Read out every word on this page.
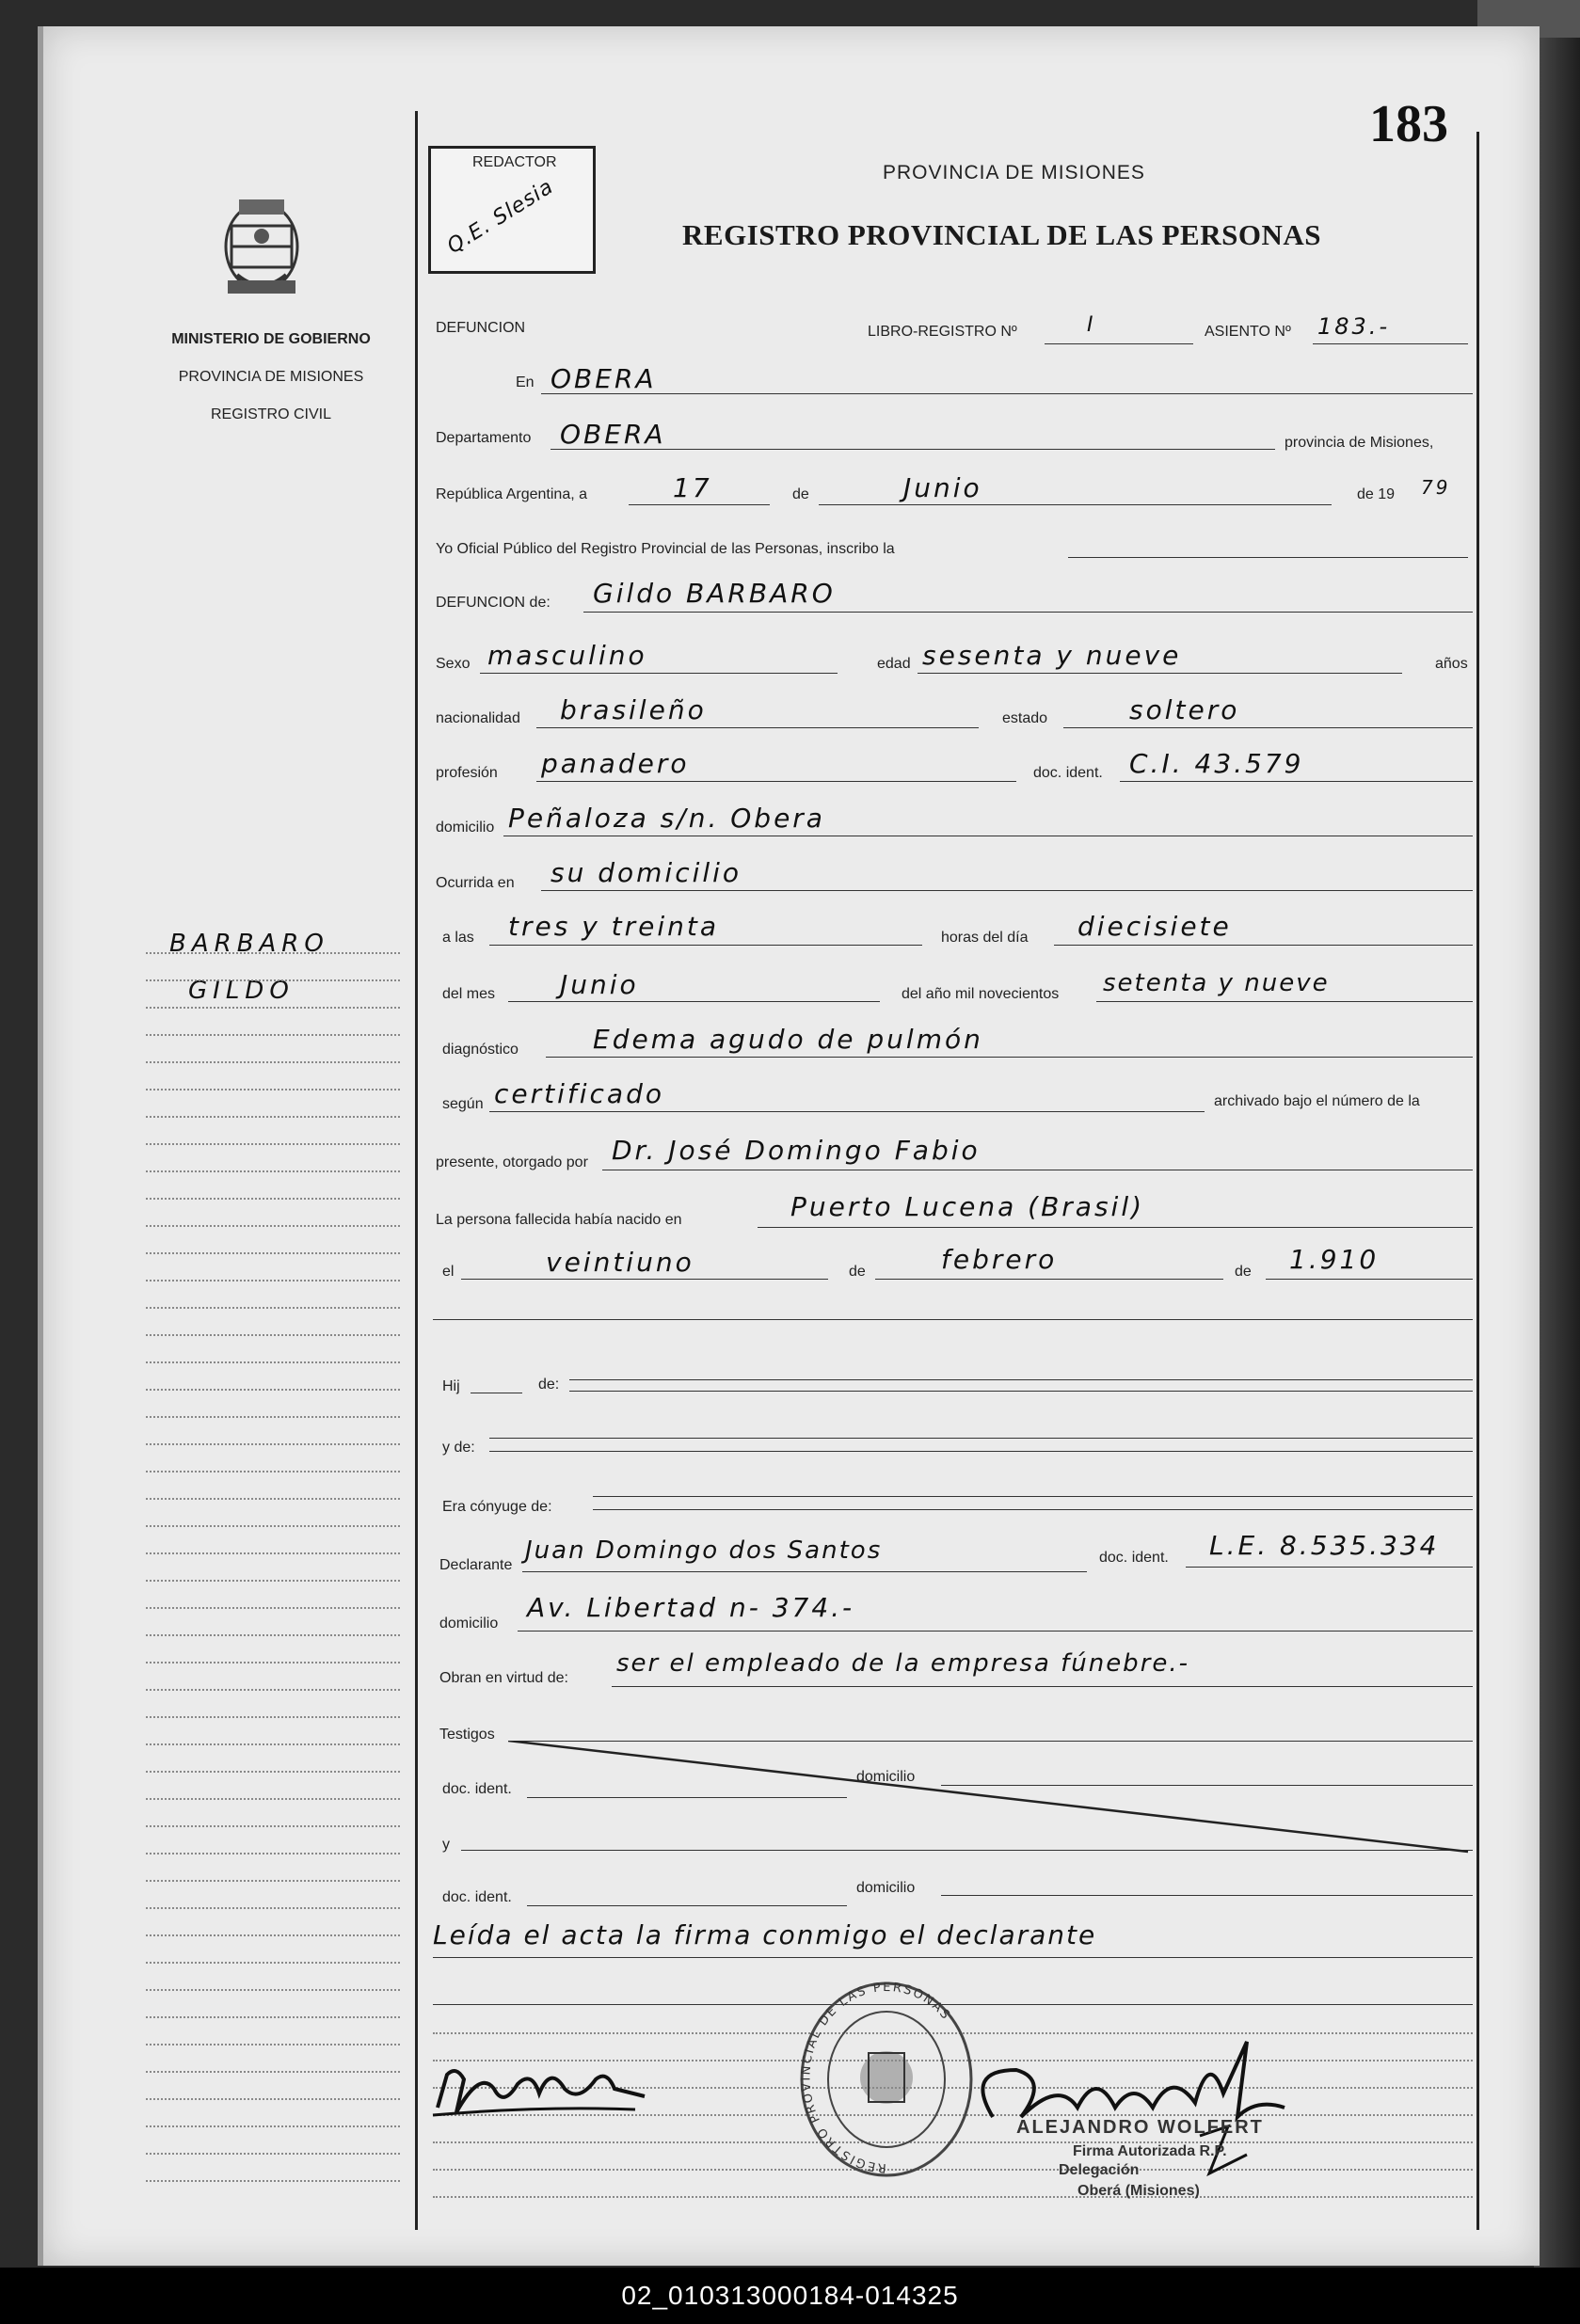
183
REDACTOR
Q.E. Slesia
PROVINCIA DE MISIONES
REGISTRO PROVINCIAL DE LAS PERSONAS
MINISTERIO DE GOBIERNO
PROVINCIA DE MISIONES
REGISTRO CIVIL
BARBARO
GILDO
DEFUNCION	LIBRO-REGISTRO Nº	I	ASIENTO Nº 183.-
En OBERA
Departamento OBERA	provincia de Misiones,
República Argentina, a	17	de	Junio	de 19 79
Yo Oficial Público del Registro Provincial de las Personas, inscribo la
DEFUNCION de: Gildo BARBARO
Sexo masculino	edad sesenta y nueve	años
nacionalidad brasileño	estado	soltero
profesión panadero	doc. ident. C.I. 43.579
domicilio Peñaloza s/n. Obera
Ocurrida en su domicilio
a las tres y treinta	horas del día diecisiete
del mes Junio	del año mil novecientos setenta y nueve
diagnóstico	Edema agudo de pulmón
según certificado	archivado bajo el número de la
presente, otorgado por Dr. José Domingo Fabio
La persona fallecida había nacido en	Puerto Lucena (Brasil)
el	veintiuno	de	febrero	de 1.910
Hij	de:
y de:
Era cónyuge de:
Declarante
Juan Domingo dos Santos	doc. ident. L.E. 8.535.334
domicilio
Av. Libertad n- 374.-
Obran en virtud de:
ser el empleado de la empresa fúnebre.-
Testigos
doc. ident.
domicilio
y
doc. ident.
domicilio
Leída el acta la firma conmigo el declarante
REGISTRO PROVINCIAL DE LAS PERSONAS
ALEJANDRO WOLFERT
Firma Autorizada R.P.
Delegación
Oberá (Misiones)
02_010313000184-014325
